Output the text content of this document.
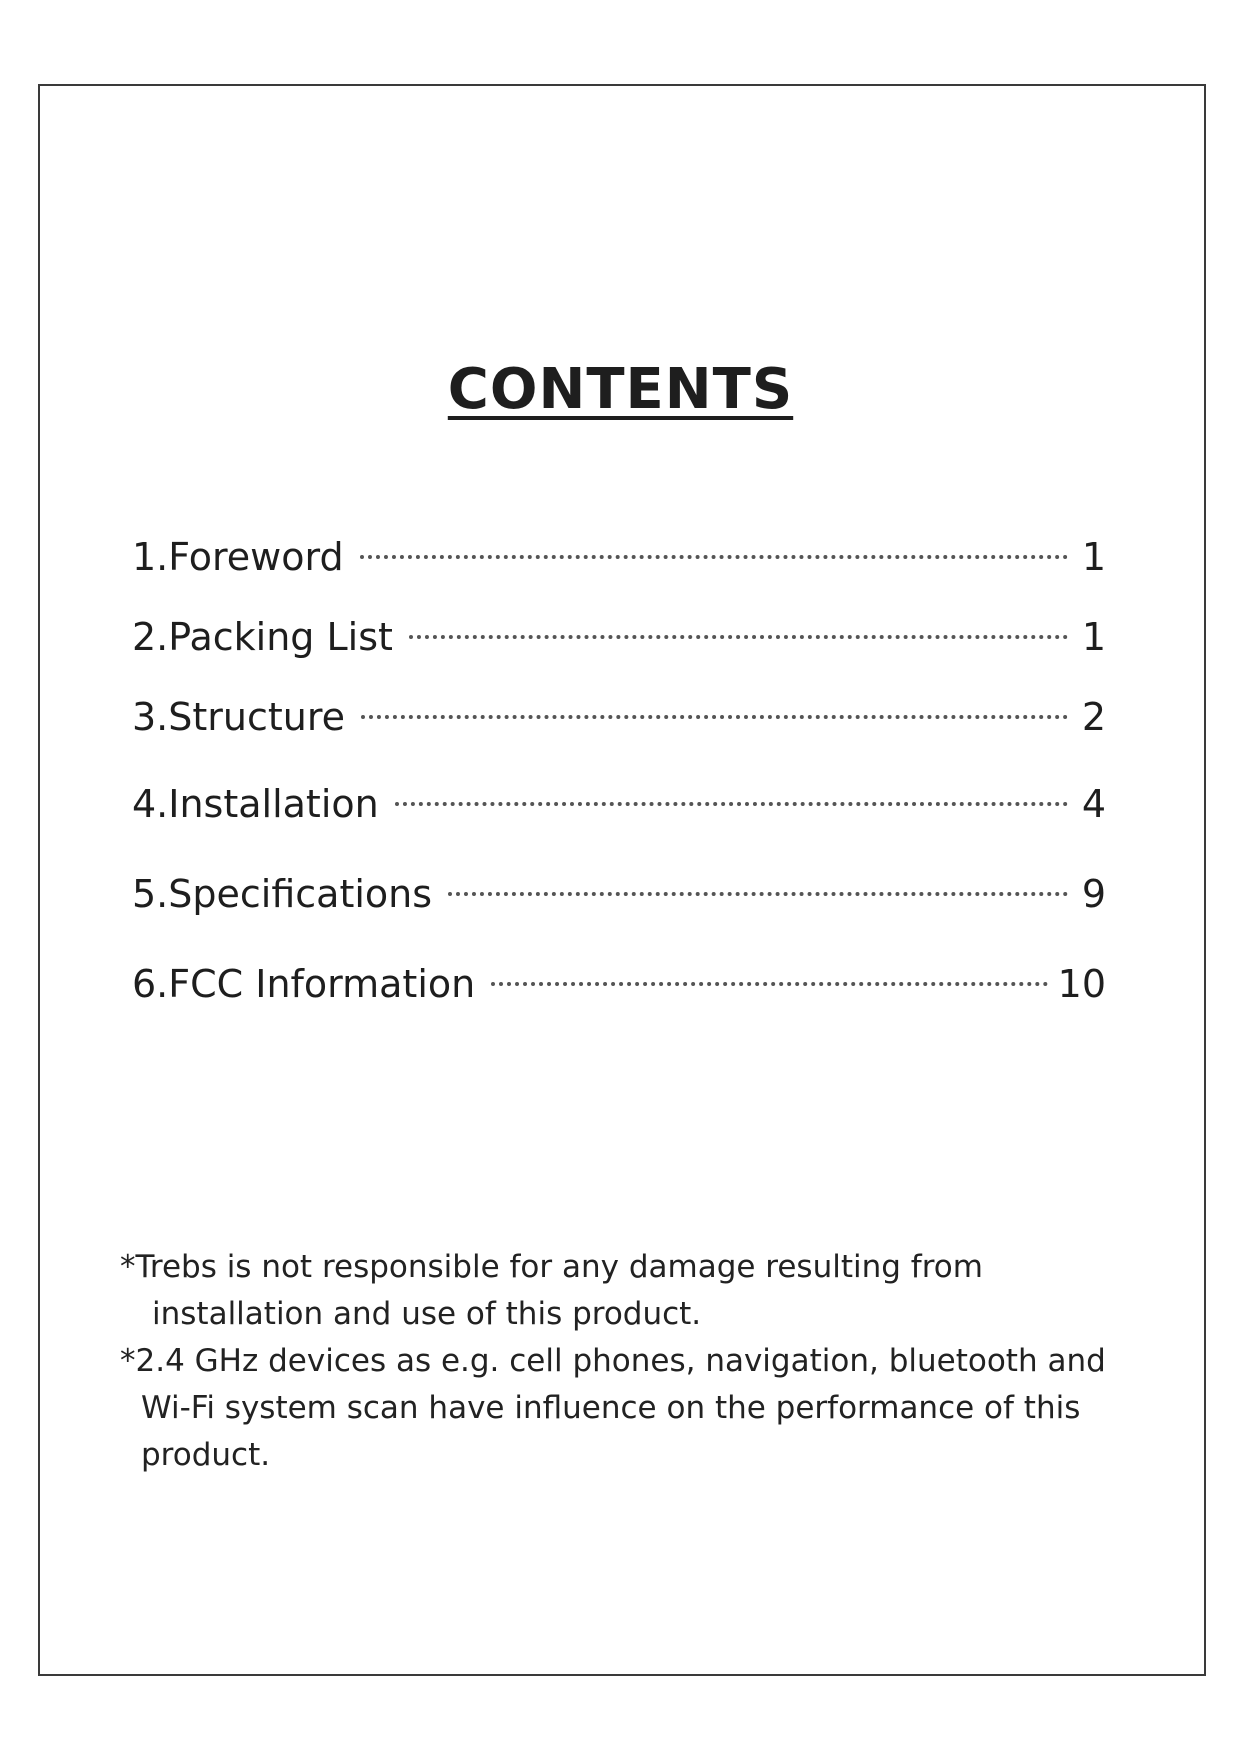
CONTENTS
1.Foreword	1
2.Packing List	1
3.Structure	2
4.Installation	4
5.Specifications	9
6.FCC Information	10
*Trebs is not responsible for any damage resulting from installation and use of this product.
*2.4 GHz devices as e.g. cell phones, navigation, bluetooth and Wi-Fi system scan have influence on the performance of this product.
